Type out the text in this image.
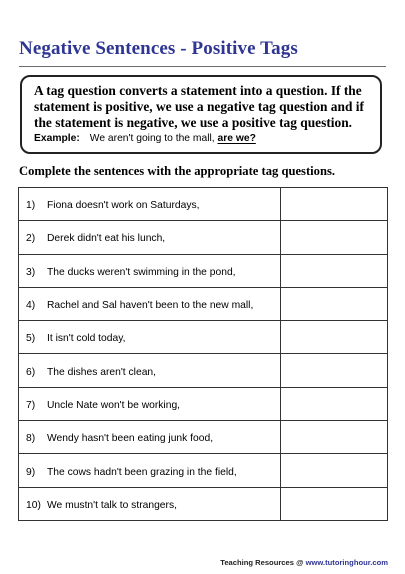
Negative Sentences - Positive Tags
A tag question converts a statement into a question. If the statement is positive, we use a negative tag question and if the statement is negative, we use a positive tag question.
Example: We aren't going to the mall, are we?
Complete the sentences with the appropriate tag questions.
1) Fiona doesn't work on Saturdays,	
2) Derek didn't eat his lunch,	
3) The ducks weren't swimming in the pond,	
4) Rachel and Sal haven't been to the new mall,	
5) It isn't cold today,	
6) The dishes aren't clean,	
7) Uncle Nate won't be working,	
8) Wendy hasn't been eating junk food,	
9) The cows hadn't been grazing in the field,	
10) We mustn't talk to strangers,	
Teaching Resources @ www.tutoringhour.com
